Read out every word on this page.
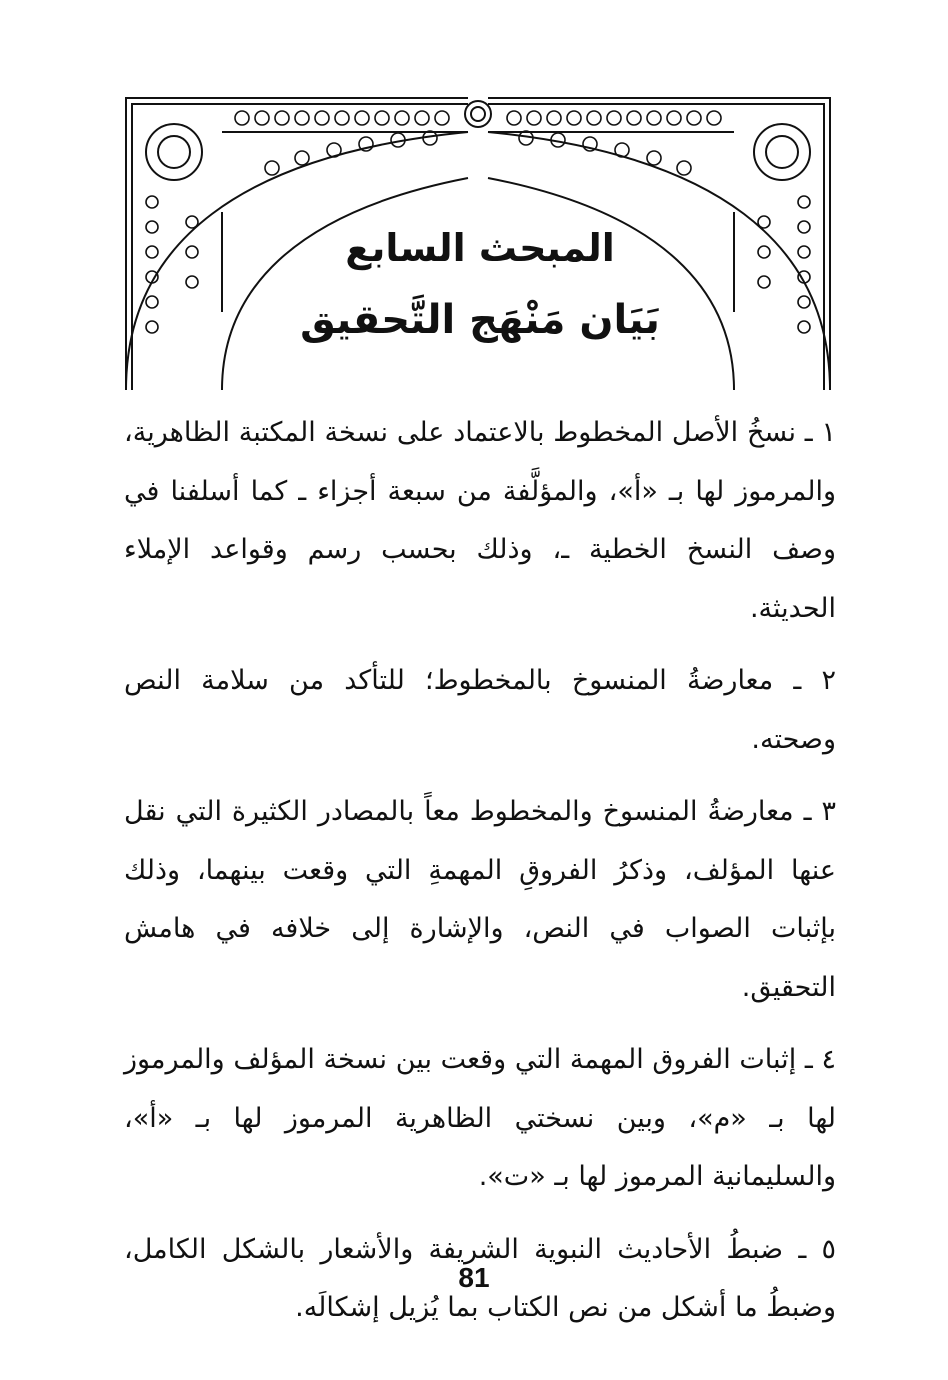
المبحث السابع
بَيَان مَنْهَج التَّحقيق

١ ـ نسخُ الأصل المخطوط بالاعتماد على نسخة المكتبة الظاهرية، والمرموز لها بـ «أ»، والمؤلَّفة من سبعة أجزاء ـ كما أسلفنا في وصف النسخ الخطية ـ، وذلك بحسب رسم وقواعد الإملاء الحديثة.

٢ ـ معارضةُ المنسوخ بالمخطوط؛ للتأكد من سلامة النص وصحته.

٣ ـ معارضةُ المنسوخ والمخطوط معاً بالمصادر الكثيرة التي نقل عنها المؤلف، وذكرُ الفروقِ المهمةِ التي وقعت بينهما، وذلك بإثبات الصواب في النص، والإشارة إلى خلافه في هامش التحقيق.

٤ ـ إثبات الفروق المهمة التي وقعت بين نسخة المؤلف والمرموز لها بـ «م»، وبين نسختي الظاهرية المرموز لها بـ «أ»، والسليمانية المرموز لها بـ «ت».

٥ ـ ضبطُ الأحاديث النبوية الشريفة والأشعار بالشكل الكامل، وضبطُ ما أشكل من نص الكتاب بما يُزيل إشكالَه.

81
